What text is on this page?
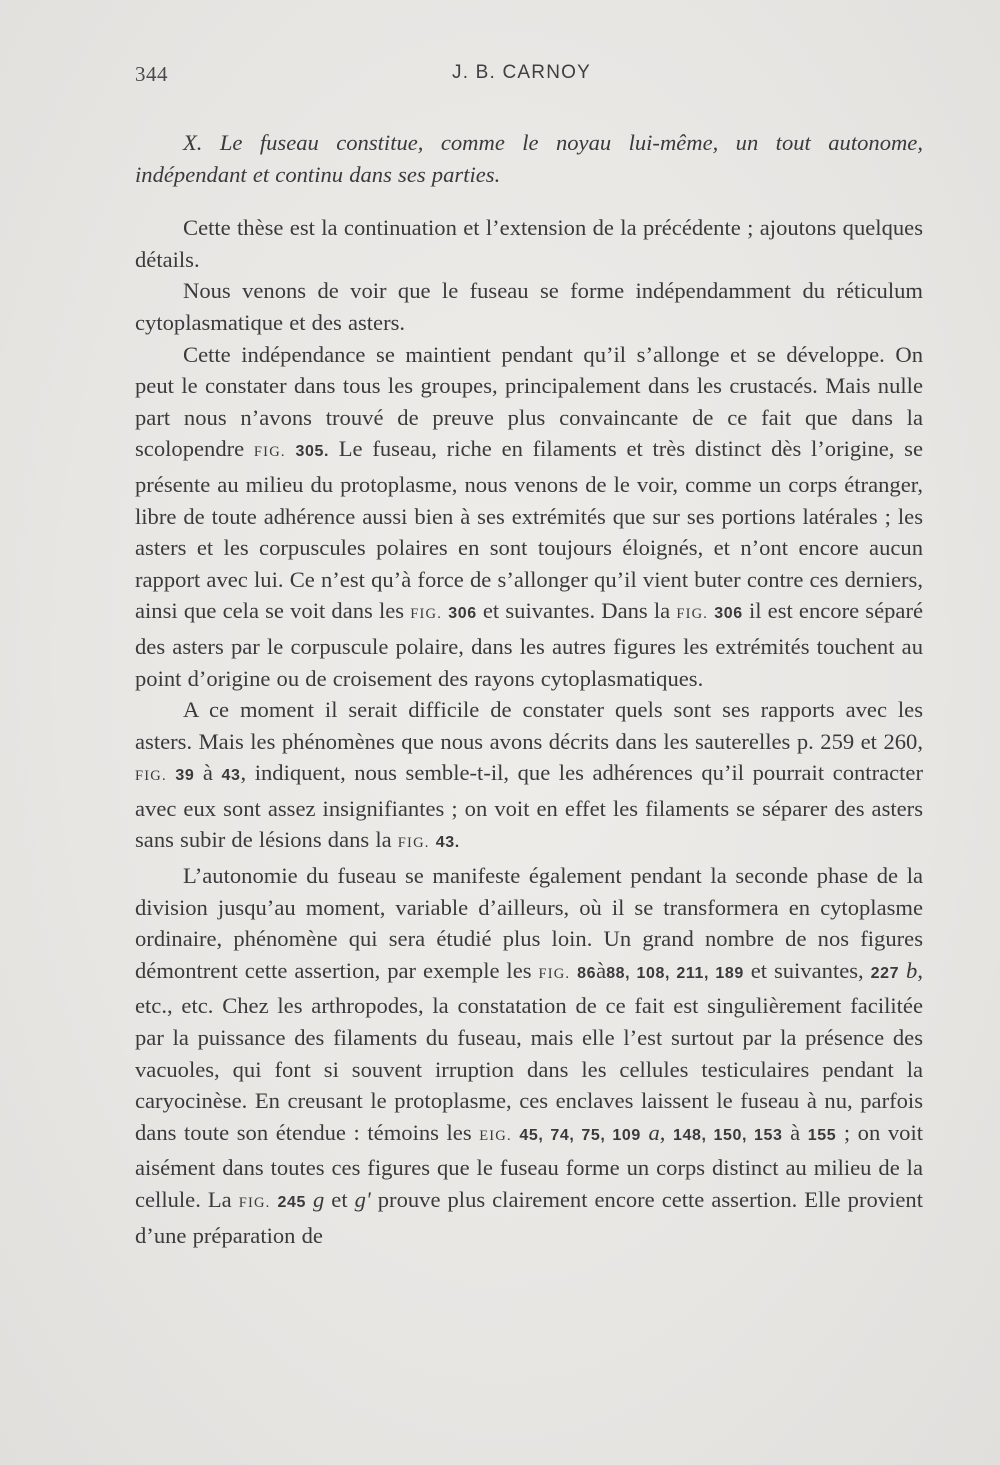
344	J. B. CARNOY

X. Le fuseau constitue, comme le noyau lui-même, un tout autonome, indépendant et continu dans ses parties.

Cette thèse est la continuation et l’extension de la précédente ; ajoutons quelques détails.

Nous venons de voir que le fuseau se forme indépendamment du réticulum cytoplasmatique et des asters.

Cette indépendance se maintient pendant qu’il s’allonge et se développe. On peut le constater dans tous les groupes, principalement dans les crustacés. Mais nulle part nous n’avons trouvé de preuve plus convaincante de ce fait que dans la scolopendre FIG. 305. Le fuseau, riche en filaments et très distinct dès l’origine, se présente au milieu du protoplasme, nous venons de le voir, comme un corps étranger, libre de toute adhérence aussi bien à ses extrémités que sur ses portions latérales ; les asters et les corpuscules polaires en sont toujours éloignés, et n’ont encore aucun rapport avec lui. Ce n’est qu’à force de s’allonger qu’il vient buter contre ces derniers, ainsi que cela se voit dans les FIG. 306 et suivantes. Dans la FIG. 306 il est encore séparé des asters par le corpuscule polaire, dans les autres figures les extrémités touchent au point d’origine ou de croisement des rayons cytoplasmatiques.

A ce moment il serait difficile de constater quels sont ses rapports avec les asters. Mais les phénomènes que nous avons décrits dans les sauterelles p. 259 et 260, FIG. 39 à 43, indiquent, nous semble-t-il, que les adhérences qu’il pourrait contracter avec eux sont assez insignifiantes ; on voit en effet les filaments se séparer des asters sans subir de lésions dans la FIG. 43.

L’autonomie du fuseau se manifeste également pendant la seconde phase de la division jusqu’au moment, variable d’ailleurs, où il se transformera en cytoplasme ordinaire, phénomène qui sera étudié plus loin. Un grand nombre de nos figures démontrent cette assertion, par exemple les FIG. 86à88, 108, 211, 189 et suivantes, 227 b, etc., etc. Chez les arthropodes, la constatation de ce fait est singulièrement facilitée par la puissance des filaments du fuseau, mais elle l’est surtout par la présence des vacuoles, qui font si souvent irruption dans les cellules testiculaires pendant la caryocinèse. En creusant le protoplasme, ces enclaves laissent le fuseau à nu, parfois dans toute son étendue : témoins les EIG. 45, 74, 75, 109 a, 148, 150, 153 à 155 ; on voit aisément dans toutes ces figures que le fuseau forme un corps distinct au milieu de la cellule. La FIG. 245 g et g' prouve plus clairement encore cette assertion. Elle provient d’une préparation de
